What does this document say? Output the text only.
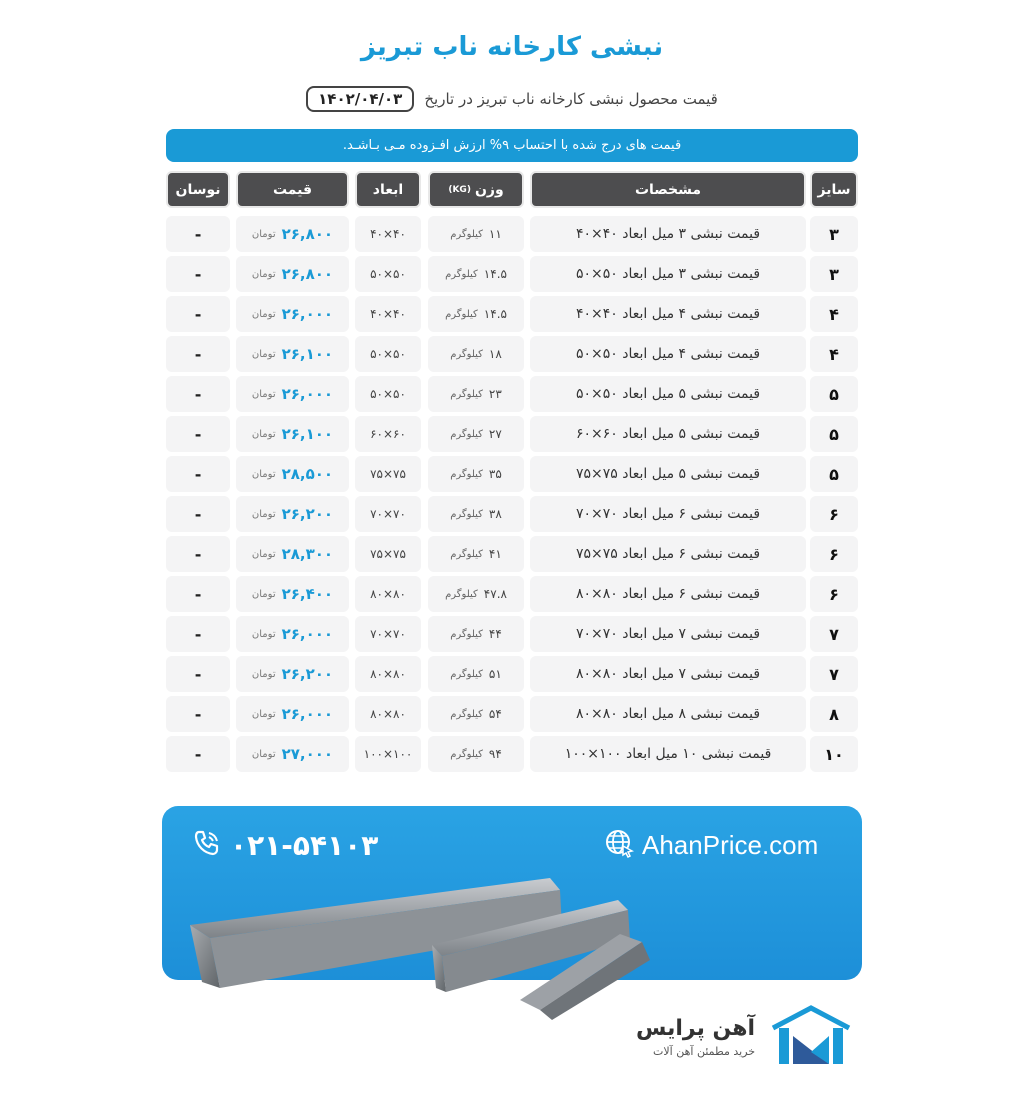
نبشی کارخانه ناب تبریز
قیمت محصول نبشی کارخانه ناب تبریز در تاریخ
۱۴۰۲/۰۴/۰۳
قیمت های درج شده با احتساب ۹% ارزش افـزوده مـی بـاشـد.
سایز
مشخصات
وزن
(KG)
ابعاد
قیمت
نوسان
۳
قیمت نبشی ۳ میل ابعاد ۴۰×۴۰
۱۱
کیلوگرم
۴۰×۴۰
۲۶,۸۰۰
تومان
-
۳
قیمت نبشی ۳ میل ابعاد ۵۰×۵۰
۱۴.۵
کیلوگرم
۵۰×۵۰
۲۶,۸۰۰
تومان
-
۴
قیمت نبشی ۴ میل ابعاد ۴۰×۴۰
۱۴.۵
کیلوگرم
۴۰×۴۰
۲۶,۰۰۰
تومان
-
۴
قیمت نبشی ۴ میل ابعاد ۵۰×۵۰
۱۸
کیلوگرم
۵۰×۵۰
۲۶,۱۰۰
تومان
-
۵
قیمت نبشی ۵ میل ابعاد ۵۰×۵۰
۲۳
کیلوگرم
۵۰×۵۰
۲۶,۰۰۰
تومان
-
۵
قیمت نبشی ۵ میل ابعاد ۶۰×۶۰
۲۷
کیلوگرم
۶۰×۶۰
۲۶,۱۰۰
تومان
-
۵
قیمت نبشی ۵ میل ابعاد ۷۵×۷۵
۳۵
کیلوگرم
۷۵×۷۵
۲۸,۵۰۰
تومان
-
۶
قیمت نبشی ۶ میل ابعاد ۷۰×۷۰
۳۸
کیلوگرم
۷۰×۷۰
۲۶,۲۰۰
تومان
-
۶
قیمت نبشی ۶ میل ابعاد ۷۵×۷۵
۴۱
کیلوگرم
۷۵×۷۵
۲۸,۳۰۰
تومان
-
۶
قیمت نبشی ۶ میل ابعاد ۸۰×۸۰
۴۷.۸
کیلوگرم
۸۰×۸۰
۲۶,۴۰۰
تومان
-
۷
قیمت نبشی ۷ میل ابعاد ۷۰×۷۰
۴۴
کیلوگرم
۷۰×۷۰
۲۶,۰۰۰
تومان
-
۷
قیمت نبشی ۷ میل ابعاد ۸۰×۸۰
۵۱
کیلوگرم
۸۰×۸۰
۲۶,۲۰۰
تومان
-
۸
قیمت نبشی ۸ میل ابعاد ۸۰×۸۰
۵۴
کیلوگرم
۸۰×۸۰
۲۶,۰۰۰
تومان
-
۱۰
قیمت نبشی ۱۰ میل ابعاد ۱۰۰×۱۰۰
۹۴
کیلوگرم
۱۰۰×۱۰۰
۲۷,۰۰۰
تومان
-
۰۲۱-۵۴۱۰۳	AhanPrice.com
آهن پرایس
خرید مطمئن آهن آلات
